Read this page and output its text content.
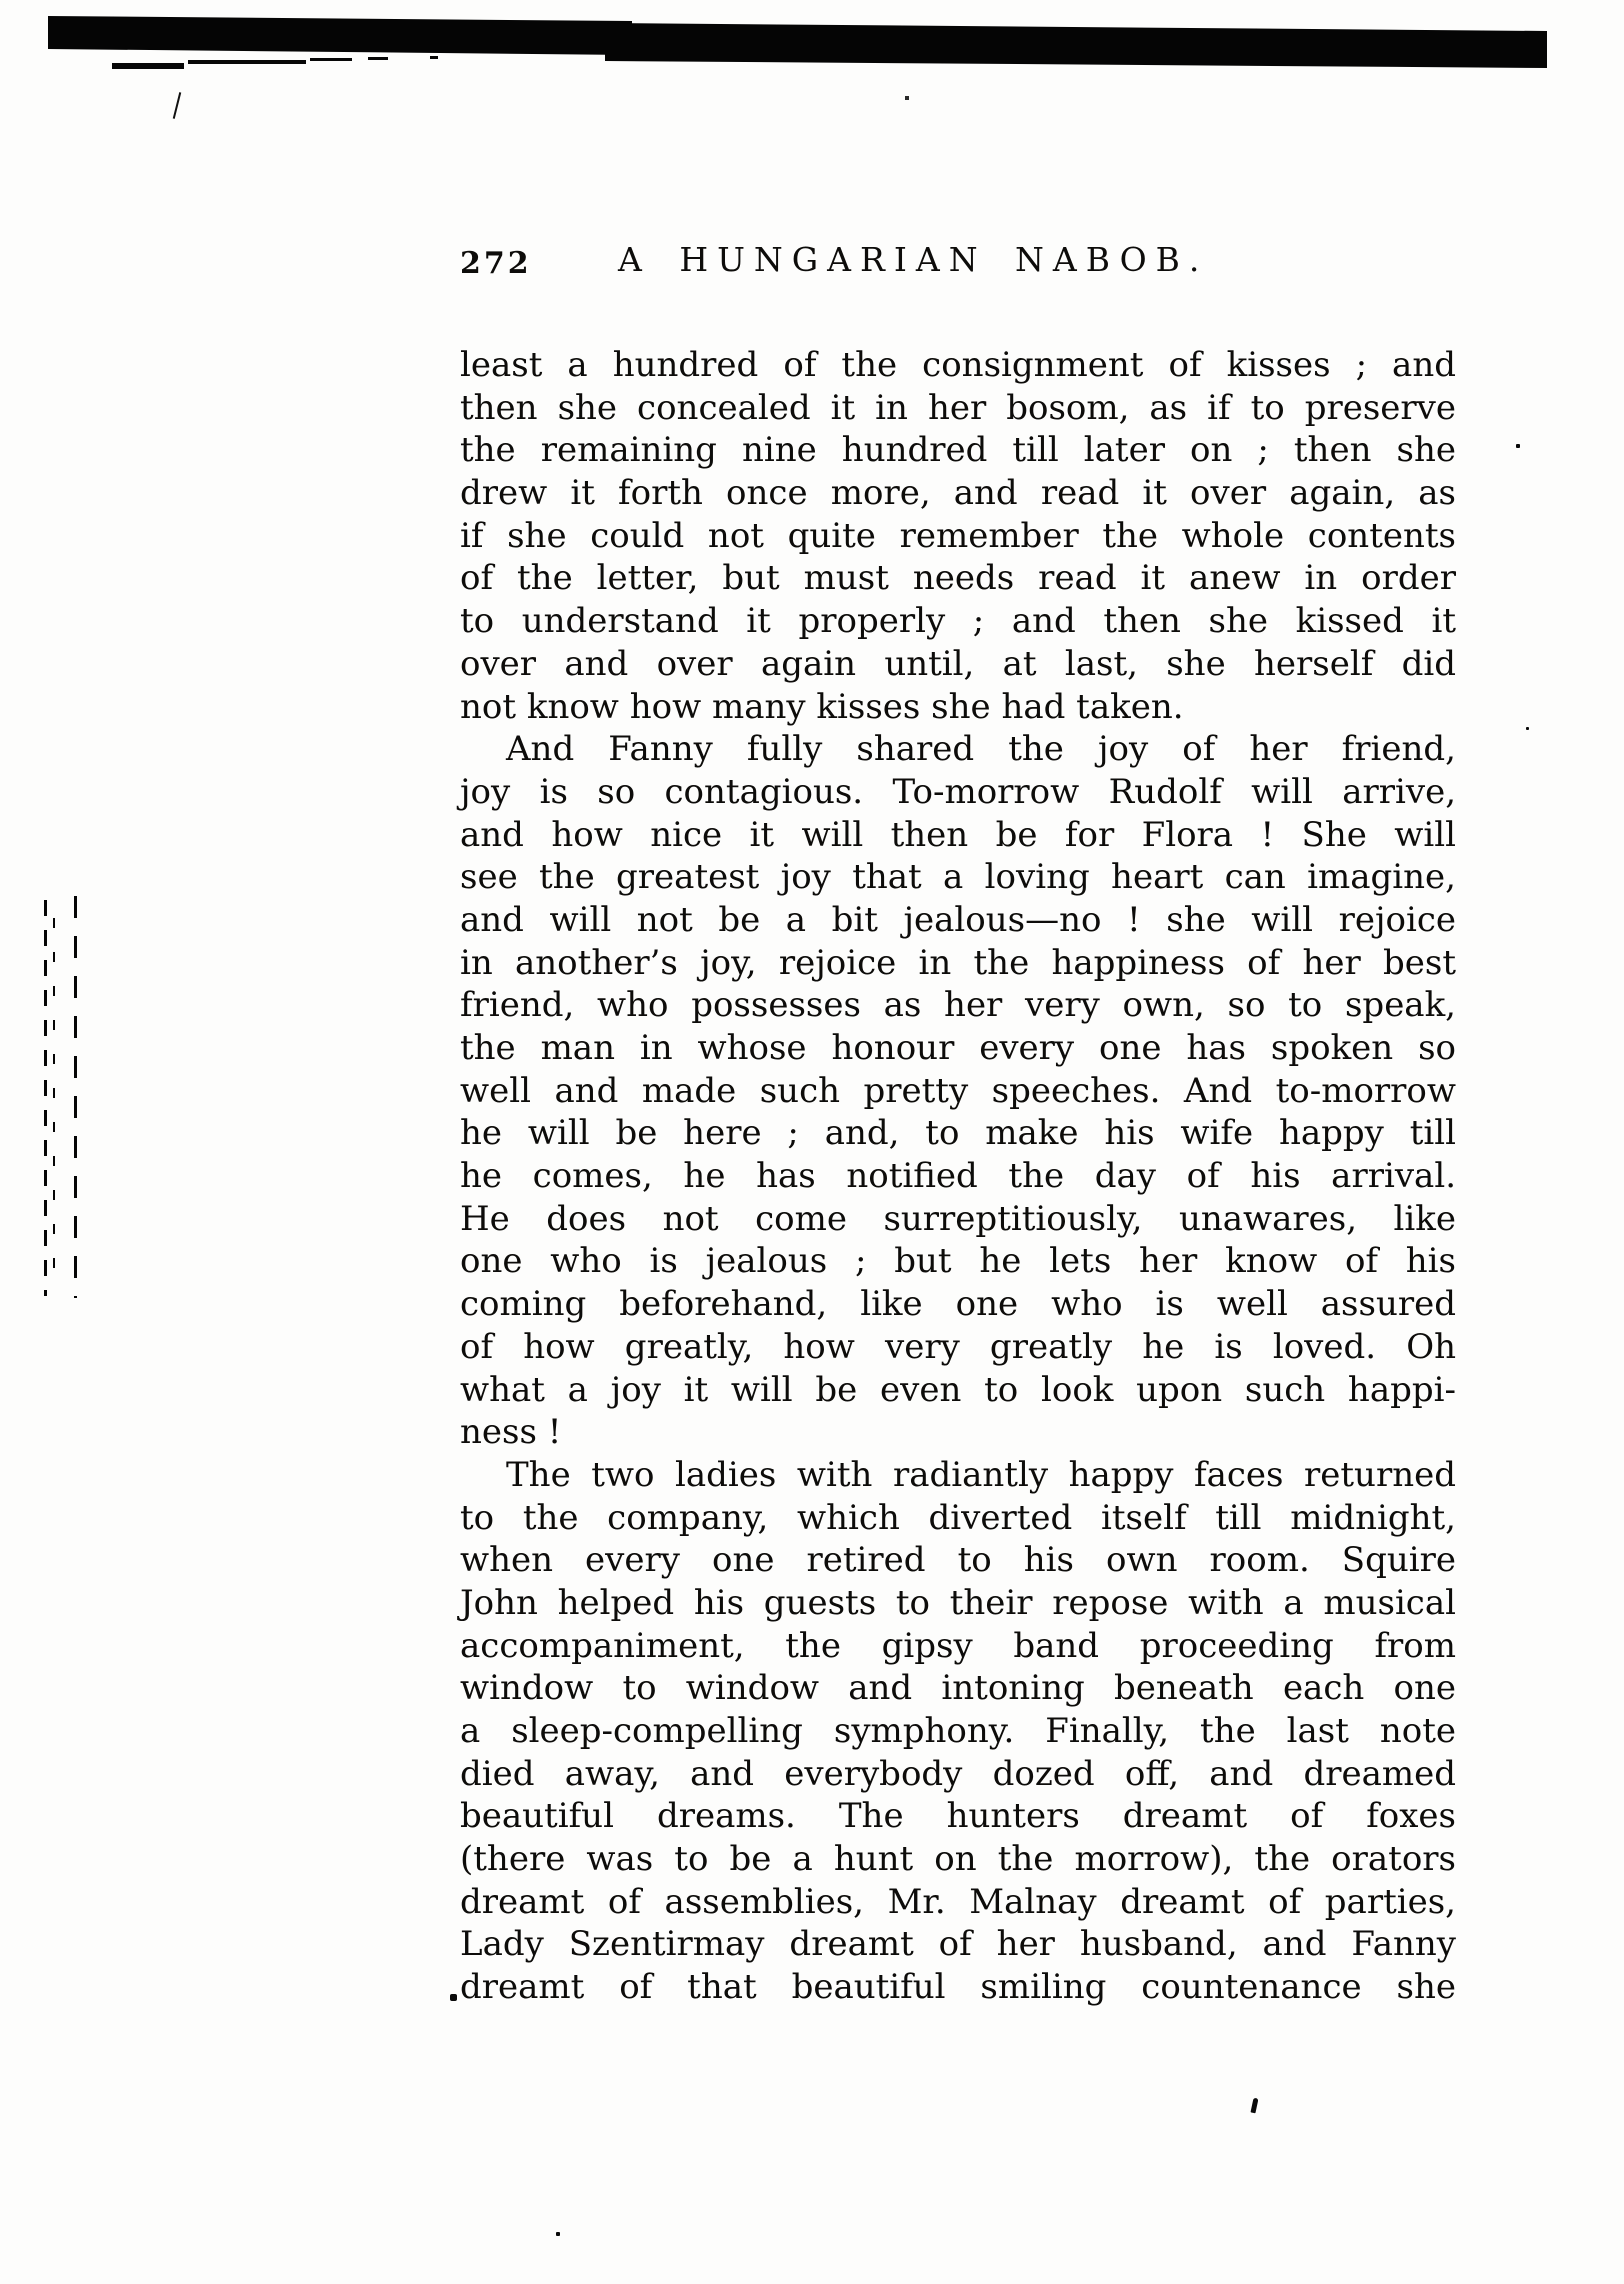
272	A HUNGARIAN NABOB.
least a hundred of the consignment of kisses ; and
then she concealed it in her bosom, as if to preserve
the remaining nine hundred till later on ; then she
drew it forth once more, and read it over again, as
if she could not quite remember the whole contents
of the letter, but must needs read it anew in order
to understand it properly ; and then she kissed it
over and over again until, at last, she herself did
not know how many kisses she had taken.
And Fanny fully shared the joy of her friend,
joy is so contagious. To-morrow Rudolf will arrive,
and how nice it will then be for Flora ! She will
see the greatest joy that a loving heart can imagine,
and will not be a bit jealous—no ! she will rejoice
in another’s joy, rejoice in the happiness of her best
friend, who possesses as her very own, so to speak,
the man in whose honour every one has spoken so
well and made such pretty speeches. And to-morrow
he will be here ; and, to make his wife happy till
he comes, he has notified the day of his arrival.
He does not come surreptitiously, unawares, like
one who is jealous ; but he lets her know of his
coming beforehand, like one who is well assured
of how greatly, how very greatly he is loved. Oh
what a joy it will be even to look upon such happi-
ness !
The two ladies with radiantly happy faces returned
to the company, which diverted itself till midnight,
when every one retired to his own room. Squire
John helped his guests to their repose with a musical
accompaniment, the gipsy band proceeding from
window to window and intoning beneath each one
a sleep-compelling symphony. Finally, the last note
died away, and everybody dozed off, and dreamed
beautiful dreams. The hunters dreamt of foxes
(there was to be a hunt on the morrow), the orators
dreamt of assemblies, Mr. Malnay dreamt of parties,
Lady Szentirmay dreamt of her husband, and Fanny
dreamt of that beautiful smiling countenance she
